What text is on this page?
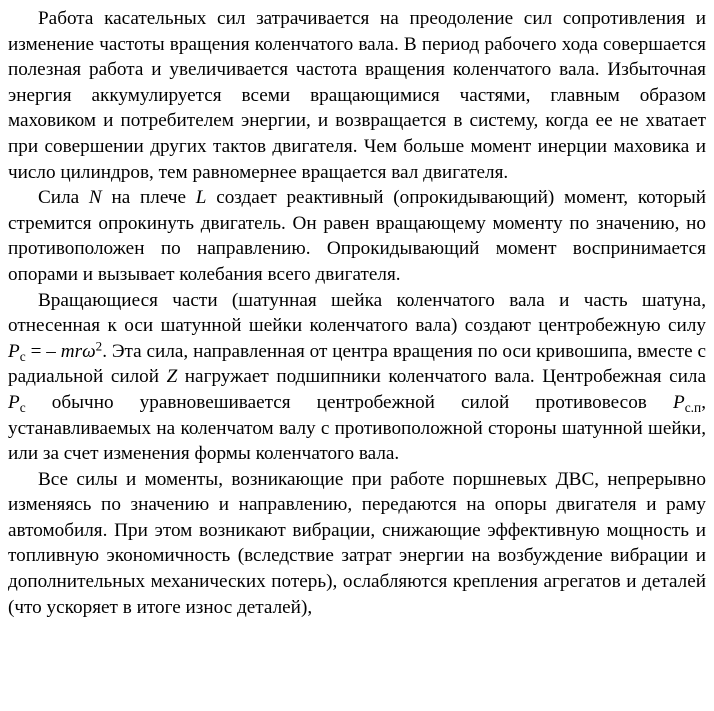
Работа касательных сил затрачивается на преодоление сил сопротивления и изменение частоты вращения коленчатого вала. В период рабочего хода совершается полезная работа и увеличивается частота вращения коленчатого вала. Избыточная энергия аккумулируется всеми вращающимися частями, главным образом маховиком и потребителем энергии, и возвращается в систему, когда ее не хватает при совершении других тактов двигателя. Чем больше момент инерции маховика и число цилиндров, тем равномернее вращается вал двигателя.

Сила N на плече L создает реактивный (опрокидывающий) момент, который стремится опрокинуть двигатель. Он равен вращающему моменту по значению, но противоположен по направлению. Опрокидывающий момент воспринимается опорами и вызывает колебания всего двигателя.

Вращающиеся части (шатунная шейка коленчатого вала и часть шатуна, отнесенная к оси шатунной шейки коленчатого вала) создают центробежную силу $P_c$ = – mrω$^2$. Эта сила, направленная от центра вращения по оси кривошипа, вместе с радиальной силой Z нагружает подшипники коленчатого вала. Центробежная сила $P_c$ обычно уравновешивается центробежной силой противовесов $P_{с.п}$, устанавливаемых на коленчатом валу с противоположной стороны шатунной шейки, или за счет изменения формы коленчатого вала.

Все силы и моменты, возникающие при работе поршневых ДВС, непрерывно изменяясь по значению и направлению, передаются на опоры двигателя и раму автомобиля. При этом возникают вибрации, снижающие эффективную мощность и топливную экономичность (вследствие затрат энергии на возбуждение вибрации и дополнительных механических потерь), ослабляются крепления агрегатов и деталей (что ускоряет в итоге износ деталей),
